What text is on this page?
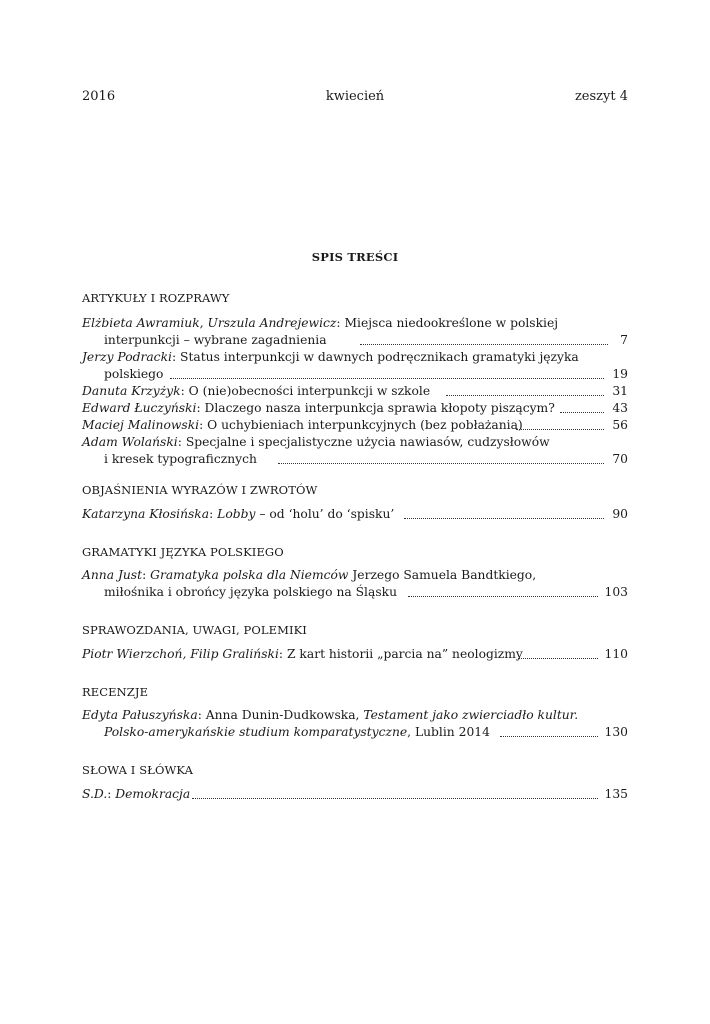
2016	kwiecień	zeszyt 4
SPIS TREŚCI
ARTYKUŁY I ROZPRAWY
Elżbieta Awramiuk, Urszula Andrejewicz: Miejsca niedookreślone w polskiej
interpunkcji – wybrane zagadnienia	7
Jerzy Podracki: Status interpunkcji w dawnych podręcznikach gramatyki języka
polskiego	19
Danuta Krzyżyk: O (nie)obecności interpunkcji w szkole	31
Edward Łuczyński: Dlaczego nasza interpunkcja sprawia kłopoty piszącym?	43
Maciej Malinowski: O uchybieniach interpunkcyjnych (bez pobłażania)	56
Adam Wolański: Specjalne i specjalistyczne użycia nawiasów, cudzysłowów
i kresek typograficznych	70
OBJAŚNIENIA WYRAZÓW I ZWROTÓW
Katarzyna Kłosińska: Lobby – od ‘holu’ do ‘spisku’	90
GRAMATYKI JĘZYKA POLSKIEGO
Anna Just: Gramatyka polska dla Niemców Jerzego Samuela Bandtkiego,
miłośnika i obrońcy języka polskiego na Śląsku	103
SPRAWOZDANIA, UWAGI, POLEMIKI
Piotr Wierzchoń, Filip Graliński: Z kart historii „parcia na” neologizmy	110
RECENZJE
Edyta Pałuszyńska: Anna Dunin-Dudkowska, Testament jako zwierciadło kultur.
Polsko-amerykańskie studium komparatystyczne, Lublin 2014	130
SŁOWA I SŁÓWKA
S.D.: Demokracja	135
